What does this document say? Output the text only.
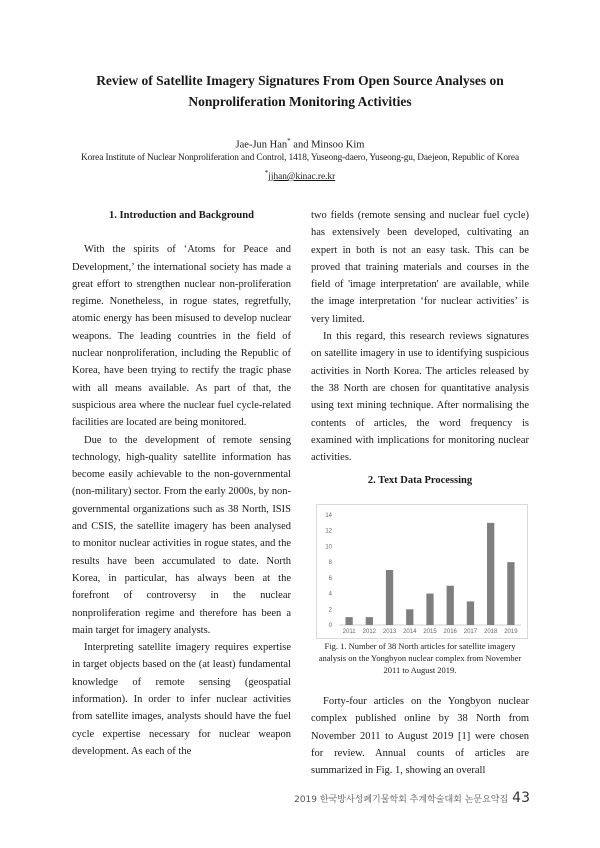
Review of Satellite Imagery Signatures From Open Source Analyses on
Nonproliferation Monitoring Activities
Jae-Jun Han* and Minsoo Kim
Korea Institute of Nuclear Nonproliferation and Control, 1418, Yuseong-daero, Yuseong-gu, Daejeon, Republic of Korea
*jjhan@kinac.re.kr
1. Introduction and Background

With the spirits of ‘Atoms for Peace and Development,’ the international society has made a great effort to strengthen nuclear non-proliferation regime. Nonetheless, in rogue states, regretfully, atomic energy has been misused to develop nuclear weapons. The leading countries in the field of nuclear nonproliferation, including the Republic of Korea, have been trying to rectify the tragic phase with all means available. As part of that, the suspicious area where the nuclear fuel cycle-related facilities are located are being monitored.

Due to the development of remote sensing technology, high-quality satellite information has become easily achievable to the non-governmental (non-military) sector. From the early 2000s, by non-governmental organizations such as 38 North, ISIS and CSIS, the satellite imagery has been analysed to monitor nuclear activities in rogue states, and the results have been accumulated to date. North Korea, in particular, has always been at the forefront of controversy in the nuclear nonproliferation regime and therefore has been a main target for imagery analysts.

Interpreting satellite imagery requires expertise in target objects based on the (at least) fundamental knowledge of remote sensing (geospatial information). In order to infer nuclear activities from satellite images, analysts should have the fuel cycle expertise necessary for nuclear weapon development. As each of the

two fields (remote sensing and nuclear fuel cycle) has extensively been developed, cultivating an expert in both is not an easy task. This can be proved that training materials and courses in the field of 'image interpretation' are available, while the image interpretation ‘for nuclear activities’ is very limited.

In this regard, this research reviews signatures on satellite imagery in use to identifying suspicious activities in North Korea. The articles released by the 38 North are chosen for quantitative analysis using text mining technique. After normalising the contents of articles, the word frequency is examined with implications for monitoring nuclear activities.

2. Text Data Processing
0
2
4
6
8
10
12
14
2011 2012 2013 2014 2015 2016 2017 2018 2019
Fig. 1. Number of 38 North articles for satellite imagery analysis on the Yongbyon nuclear complex from November 2011 to August 2019.

Forty-four articles on the Yongbyon nuclear complex published online by 38 North from November 2011 to August 2019 [1] were chosen for review. Annual counts of articles are summarized in Fig. 1, showing an overall

2019 한국방사성폐기물학회 추계학술대회 논문요약집 43
